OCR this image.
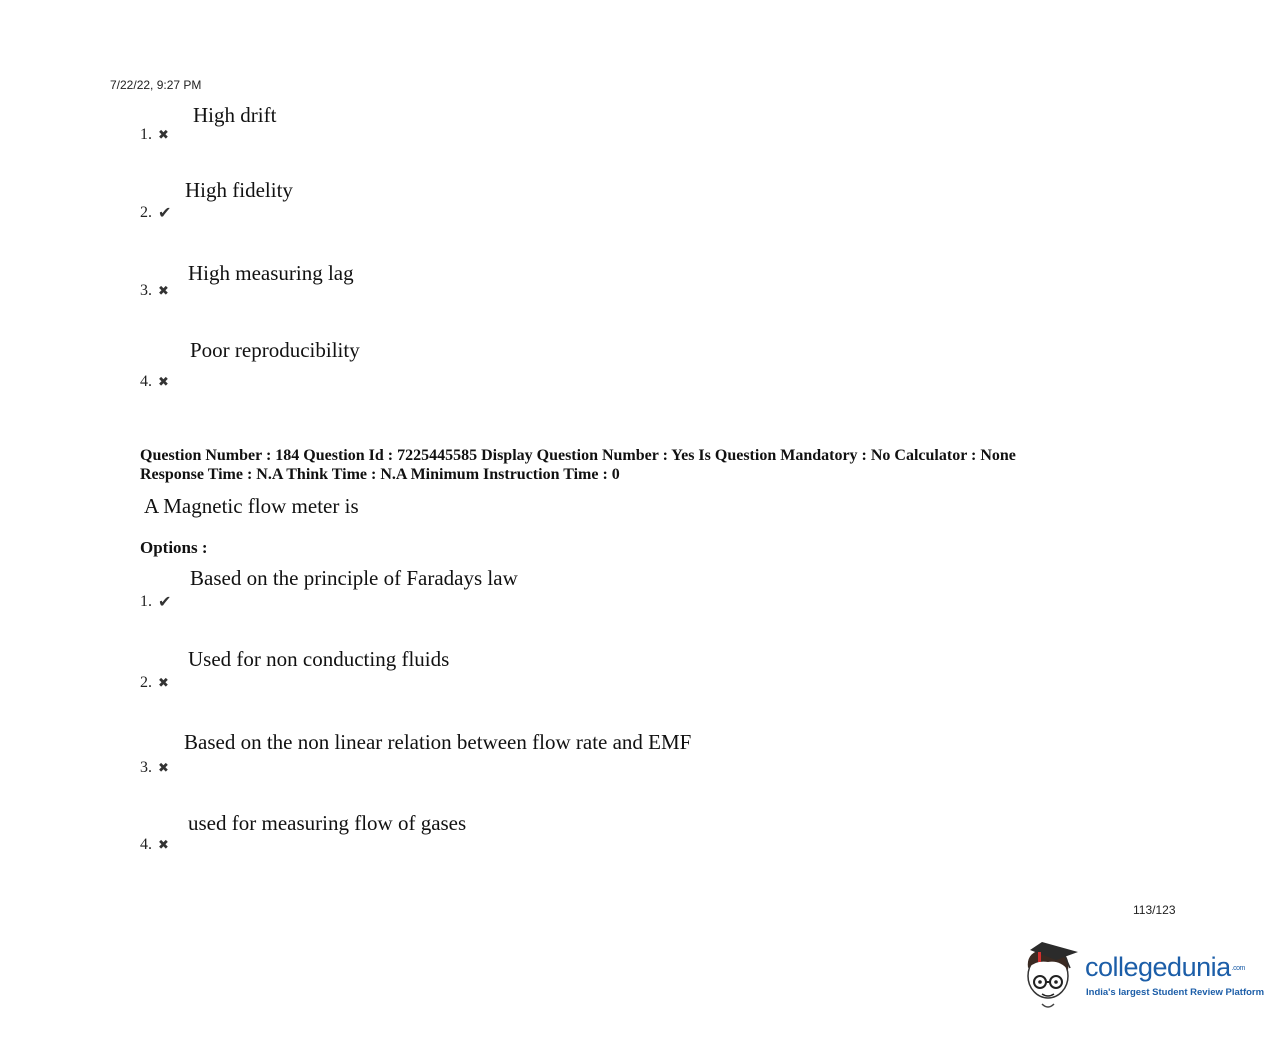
7/22/22, 9:27 PM
1. ✖
High drift
2. ✔
High fidelity
3. ✖
High measuring lag
4. ✖
Poor reproducibility
Question Number : 184 Question Id : 7225445585 Display Question Number : Yes Is Question Mandatory : No Calculator : None
Response Time : N.A Think Time : N.A Minimum Instruction Time : 0
A Magnetic flow meter is
Options :
1. ✔
Based on the principle of Faradays law
2. ✖
Used for non conducting fluids
3. ✖
Based on the non linear relation between flow rate and EMF
4. ✖
used for measuring flow of gases
113/123
collegedunia.com
India's largest Student Review Platform
